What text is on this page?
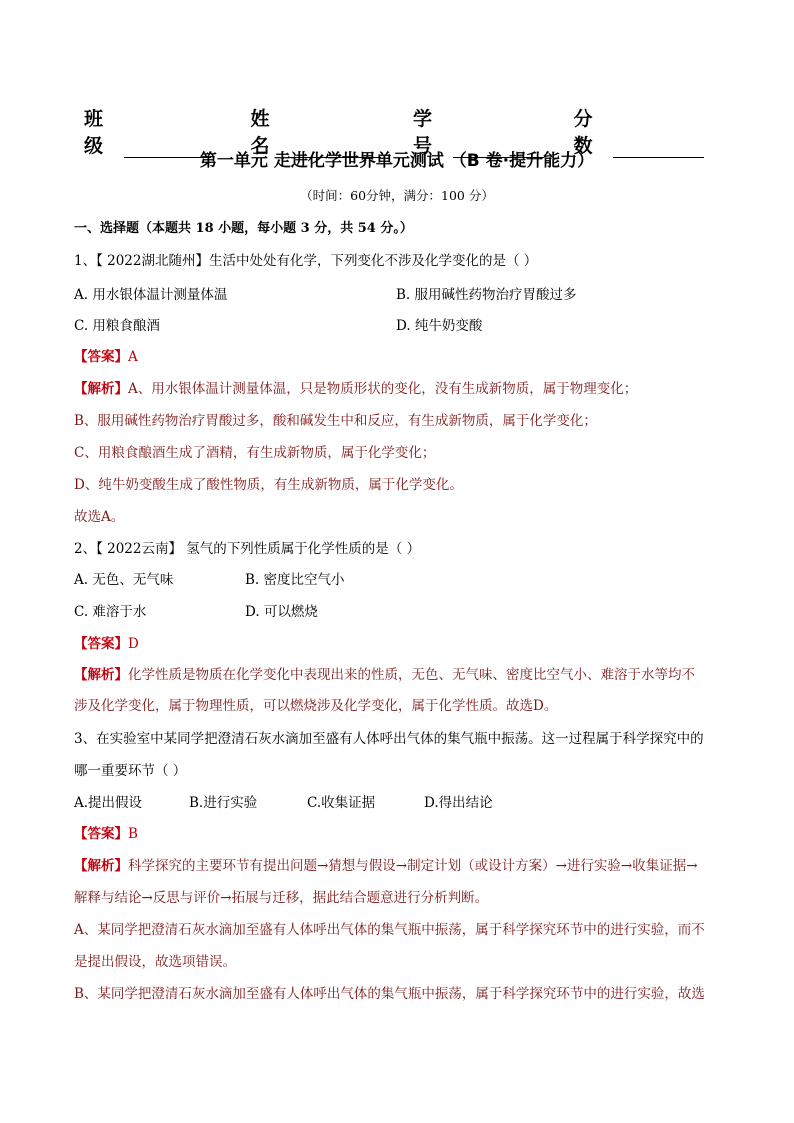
班级
姓名
学号
分数
第一单元 走进化学世界单元测试 （B 卷·提升能力）
（时间：60分钟，满分：100 分）
一、选择题（本题共 18 小题，每小题 3 分，共 54 分。）
1、【 2022湖北随州】生活中处处有化学，下列变化不涉及化学变化的是（ ）
A. 用水银体温计测量体温	B. 服用碱性药物治疗胃酸过多
C. 用粮食酿酒	D. 纯牛奶变酸
【答案】A
【解析】A、用水银体温计测量体温，只是物质形状的变化，没有生成新物质，属于物理变化；
B、服用碱性药物治疗胃酸过多，酸和碱发生中和反应，有生成新物质，属于化学变化；
C、用粮食酿酒生成了酒精，有生成新物质，属于化学变化；
D、纯牛奶变酸生成了酸性物质，有生成新物质，属于化学变化。
故选A。
2、【 2022云南】 氢气的下列性质属于化学性质的是（ ）
A. 无色、无气味	B. 密度比空气小
C. 难溶于水	D. 可以燃烧
【答案】D
【解析】化学性质是物质在化学变化中表现出来的性质，无色、无气味、密度比空气小、难溶于水等均不
涉及化学变化，属于物理性质，可以燃烧涉及化学变化，属于化学性质。故选D。
3、在实验室中某同学把澄清石灰水滴加至盛有人体呼出气体的集气瓶中振荡。这一过程属于科学探究中的
哪一重要环节（ ）
A.提出假设	B.进行实验	C.收集证据	D.得出结论
【答案】B
【解析】科学探究的主要环节有提出问题→猜想与假设→制定计划（或设计方案）→进行实验→收集证据→
解释与结论→反思与评价→拓展与迁移，据此结合题意进行分析判断。
A、某同学把澄清石灰水滴加至盛有人体呼出气体的集气瓶中振荡，属于科学探究环节中的进行实验，而不
是提出假设，故选项错误。
B、某同学把澄清石灰水滴加至盛有人体呼出气体的集气瓶中振荡，属于科学探究环节中的进行实验，故选
